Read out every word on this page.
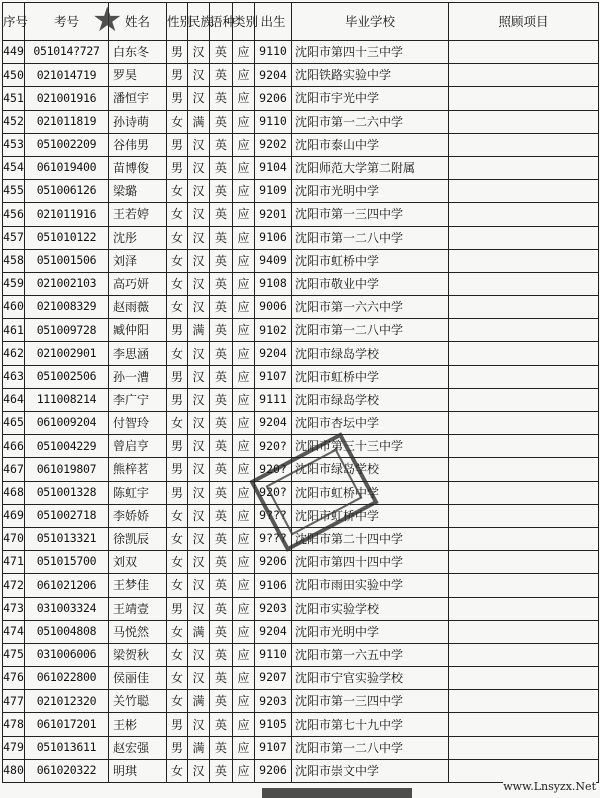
序号	考号	姓名	性别	民族	语种	类别	出生	毕业学校	照顾项目
449	051014?727	白东冬	男	汉	英	应	9110	沈阳市第四十三中学	
450	021014719	罗昊	男	汉	英	应	9204	沈阳铁路实验中学	
451	021001916	潘恒宇	男	汉	英	应	9206	沈阳市宇光中学	
452	021011819	孙诗萌	女	满	英	应	9110	沈阳市第一二六中学	
453	051002209	谷伟男	男	汉	英	应	9202	沈阳市泰山中学	
454	061019400	苗博俊	男	汉	英	应	9104	沈阳师范大学第二附属	
455	051006126	梁璐	女	汉	英	应	9109	沈阳市光明中学	
456	021011916	王若婷	女	汉	英	应	9201	沈阳市第一三四中学	
457	051010122	沈彤	女	汉	英	应	9106	沈阳市第一二八中学	
458	051001506	刘泽	女	汉	英	应	9409	沈阳市虹桥中学	
459	021002103	高巧妍	女	汉	英	应	9108	沈阳市敬业中学	
460	021008329	赵雨薇	女	汉	英	应	9006	沈阳市第一六六中学	
461	051009728	臧仲阳	男	满	英	应	9102	沈阳市第一二八中学	
462	021002901	李思涵	女	汉	英	应	9204	沈阳市绿岛学校	
463	051002506	孙一漕	男	汉	英	应	9107	沈阳市虹桥中学	
464	111008214	李广宁	男	汉	英	应	9111	沈阳市绿岛学校	
465	061009204	付智玲	女	汉	英	应	9204	沈阳市杏坛中学	
466	051004229	曾启亨	男	汉	英	应	920?	沈阳市第三十三中学	
467	061019807	熊梓茗	男	汉	英	应	920?	沈阳市绿岛学校	
468	051001328	陈虹宇	男	汉	英	应	920?	沈阳市虹桥中学	
469	051002718	李娇娇	女	汉	英	应	9???	沈阳市虹桥中学	
470	051013321	徐凯辰	女	汉	英	应	9???	沈阳市第二十四中学	
471	051015700	刘双	女	汉	英	应	9206	沈阳市第四十四中学	
472	061021206	王梦佳	女	汉	英	应	9106	沈阳市雨田实验中学	
473	031003324	王靖壹	男	汉	英	应	9203	沈阳市实验学校	
474	051004808	马悦然	女	满	英	应	9204	沈阳市光明中学	
475	031006006	梁贺秋	女	汉	英	应	9110	沈阳市第一六五中学	
476	061022800	侯丽佳	女	汉	英	应	9207	沈阳市宁官实验学校	
477	021012320	关竹聪	女	满	英	应	9203	沈阳市第一三四中学	
478	061017201	王彬	男	汉	英	应	9105	沈阳市第七十九中学	
479	051013611	赵宏强	男	满	英	应	9107	沈阳市第一二八中学	
480	061020322	明琪	女	汉	英	应	9206	沈阳市崇文中学	
★
www.Lnsyzx.Net
